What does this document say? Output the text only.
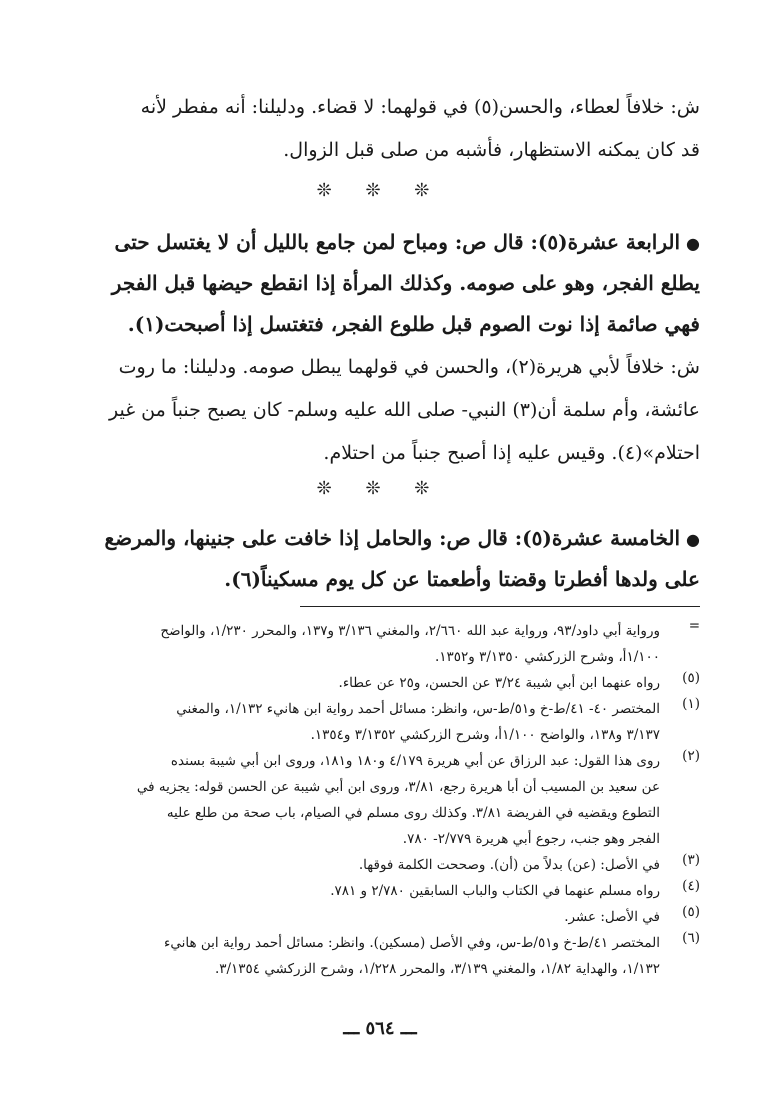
ش: خلافاً لعطاء، والحسن(٥) في قولهما: لا قضاء. ودليلنا: أنه مفطر لأنه
قد كان يمكنه الاستظهار، فأشبه من صلى قبل الزوال.
❊ ❊ ❊
●الرابعة عشرة(٥): قال ص: ومباح لمن جامع بالليل أن لا يغتسل حتى
يطلع الفجر، وهو على صومه. وكذلك المرأة إذا انقطع حيضها قبل الفجر
فهي صائمة إذا نوت الصوم قبل طلوع الفجر، فتغتسل إذا أصبحت(١).
ش: خلافاً لأبي هريرة(٢)، والحسن في قولهما يبطل صومه. ودليلنا: ما روت
عائشة، وأم سلمة أن(٣) النبي- صلى الله عليه وسلم- كان يصبح جنباً من غير
احتلام»(٤). وقيس عليه إذا أصبح جنباً من احتلام.
❊ ❊ ❊
●الخامسة عشرة(٥): قال ص: والحامل إذا خافت على جنينها، والمرضع
على ولدها أفطرتا وقضتا وأطعمتا عن كل يوم مسكيناً(٦).
=
ورواية أبي داود/٩٣، ورواية عبد الله ٢/٦٦٠، والمغني ٣/١٣٦ و١٣٧، والمحرر ١/٢٣٠، والواضح
١/١٠٠أ، وشرح الزركشي ٣/١٣٥٠ و١٣٥٢.
(٥)
رواه عنهما ابن أبي شيبة ٣/٢٤ عن الحسن، و٢٥ عن عطاء.
(١)
المختصر ٤٠- ٤١/ط-خ و٥١/ط-س، وانظر: مسائل أحمد رواية ابن هانيء ١/١٣٢، والمغني
٣/١٣٧ و١٣٨، والواضح ١/١٠٠أ، وشرح الزركشي ٣/١٣٥٢ و١٣٥٤.
(٢)
روى هذا القول: عبد الرزاق عن أبي هريرة ٤/١٧٩ و١٨٠ و١٨١، وروى ابن أبي شيبة بسنده
عن سعيد بن المسيب أن أبا هريرة رجع، ٣/٨١، وروى ابن أبي شيبة عن الحسن قوله: يجزيه في
التطوع ويقضيه في الفريضة ٣/٨١. وكذلك روى مسلم في الصيام، باب صحة من طلع عليه
الفجر وهو جنب، رجوع أبي هريرة ٢/٧٧٩- ٧٨٠.
(٣)
في الأصل: (عن) بدلاً من (أن). وصححت الكلمة فوقها.
(٤)
رواه مسلم عنهما في الكتاب والباب السابقين ٢/٧٨٠ و ٧٨١.
(٥)
في الأصل: عشر.
(٦)
المختصر ٤١/ط-خ و٥١/ط-س، وفي الأصل (مسكين). وانظر: مسائل أحمد رواية ابن هانيء
١/١٣٢، والهداية ١/٨٢، والمغني ٣/١٣٩، والمحرر ١/٢٢٨، وشرح الزركشي ٣/١٣٥٤.
ـــ ٥٦٤ ـــ
